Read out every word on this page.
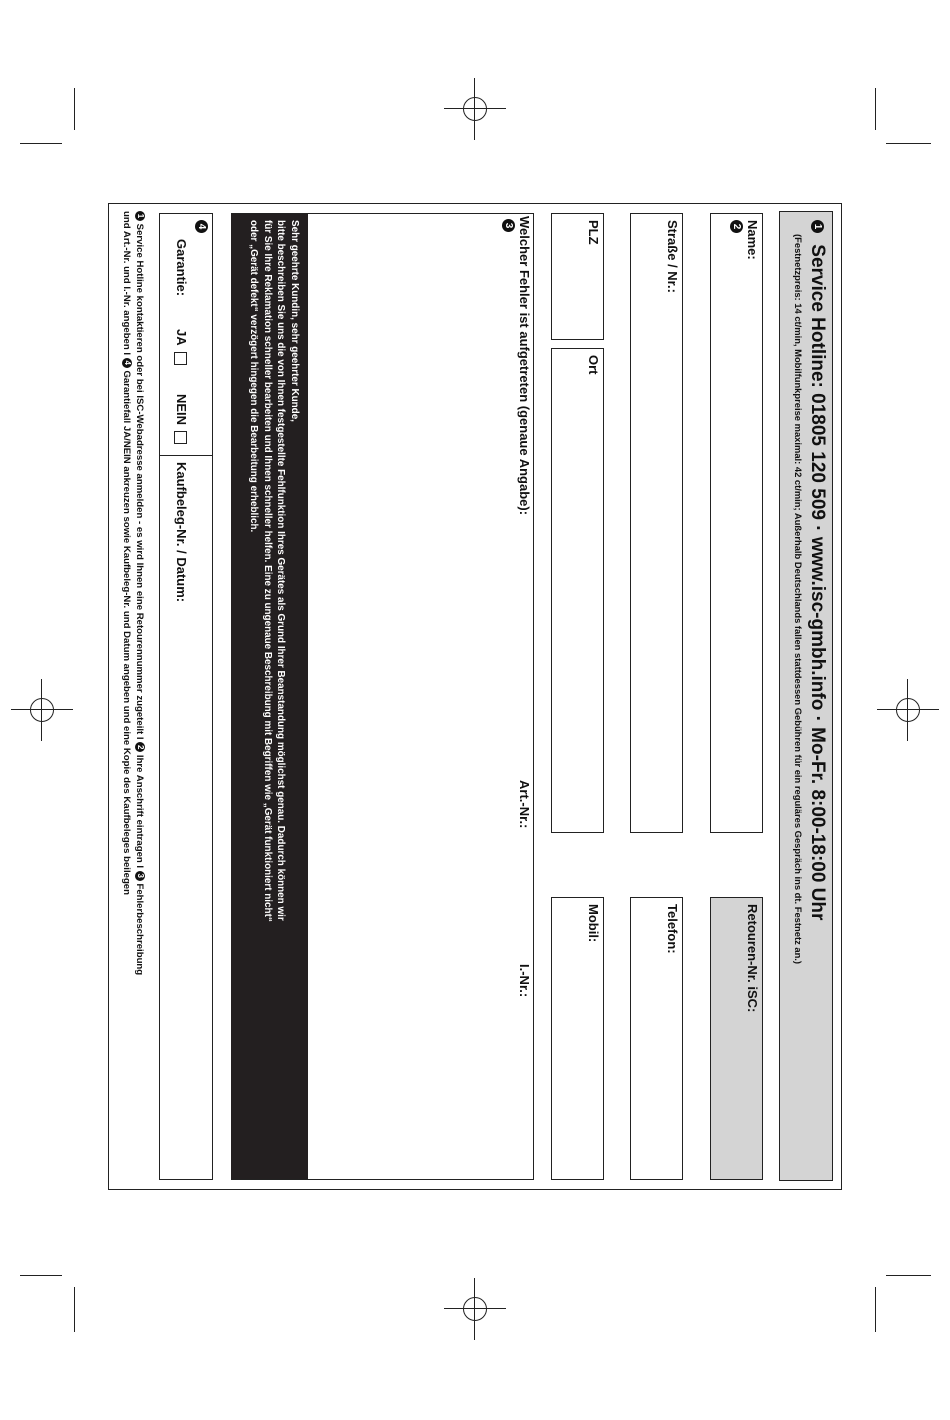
1 Service Hotline: 01805 120 509 · www.isc-gmbh.info · Mo-Fr. 8:00-18:00 Uhr
(Festnetzpreis: 14 ct/min, Mobilfunkpreise maximal: 42 ct/min; Außerhalb Deutschlands fallen stattdessen Gebühren für ein reguläres Gespräch ins dt. Festnetz an.)
Name:
2
Retouren-Nr. iSC:
Straße / Nr.:
Telefon:
PLZ
Ort
Mobil:
Welcher Fehler ist aufgetreten (genaue Angabe):
3
Art.-Nr.:
I.-Nr.:
Sehr geehrte Kundin, sehr geehrter Kunde,
bitte beschreiben Sie uns die von Ihnen festgestellte Fehlfunktion Ihres Gerätes als Grund Ihrer Beanstandung möglichst genau. Dadurch können wir
für Sie Ihre Reklamation schneller bearbeiten und Ihnen schneller helfen. Eine zu ungenaue Beschreibung mit Begriffen wie „Gerät funktioniert nicht“
oder „Gerät defekt“ verzögert hingegen die Bearbeitung erheblich.
4
Garantie:
JA
NEIN
Kaufbeleg-Nr. / Datum:
1 Service Hotline kontaktieren oder bei ISC-Webadresse anmelden - es wird Ihnen eine Retourennummer zugeteilt I 2 Ihre Anschrift eintragen I 3 Fehlerbeschreibung
und Art.-Nr. und I.-Nr. angeben I 4 Garantiefall JA/NEIN ankreuzen sowie Kaufbeleg-Nr. und Datum angeben und eine Kopie des Kaufbeleges beilegen
